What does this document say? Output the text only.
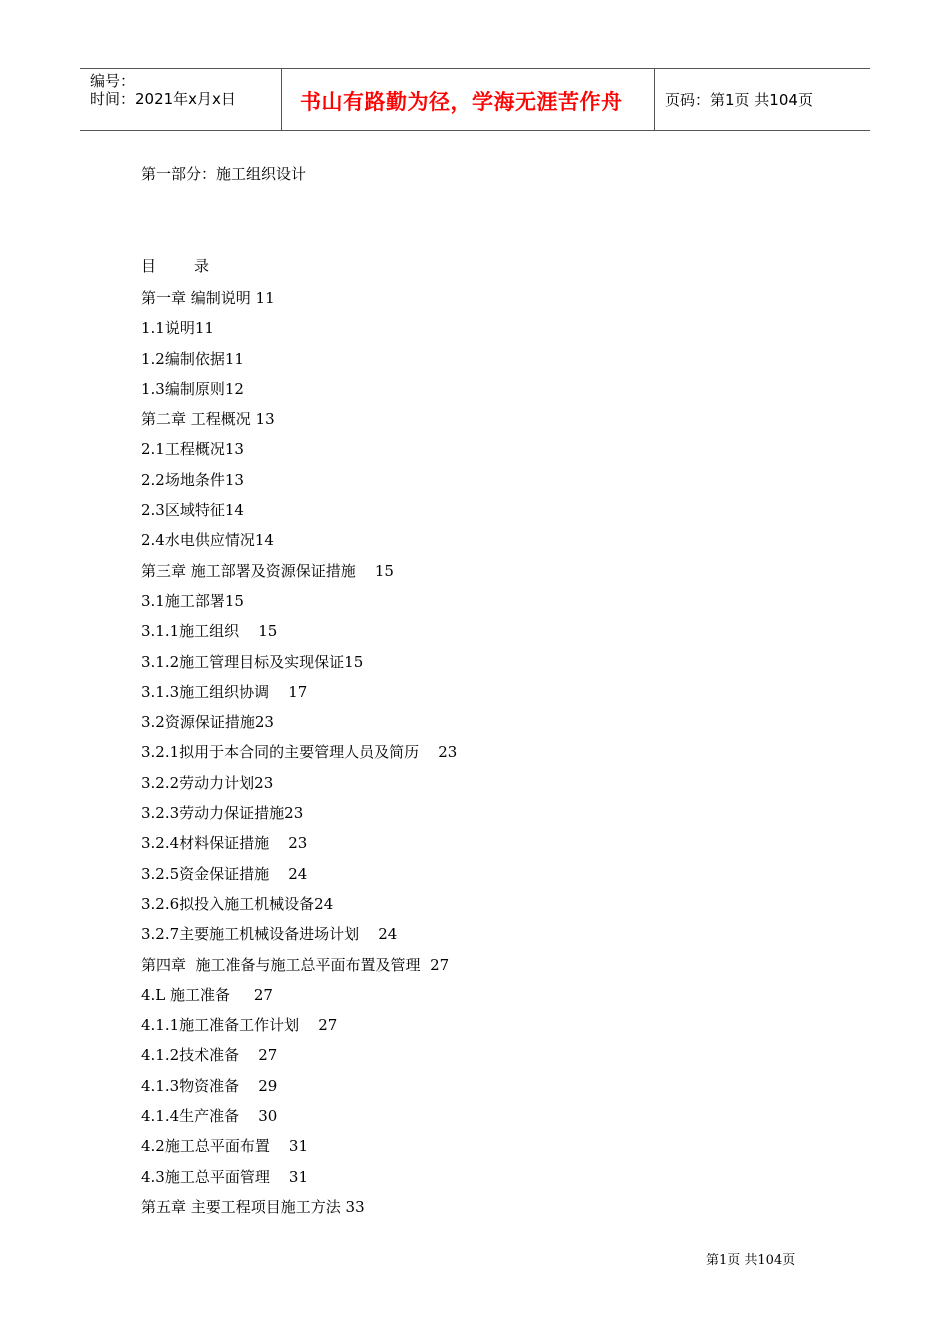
编号：
时间：2021年x月x日	书山有路勤为径，学海无涯苦作舟	页码：第1页 共104页
第一部分：施工组织设计
目	录
第一章 编制说明 11
1.1说明11
1.2编制依据11
1.3编制原则12
第二章 工程概况 13
2.1工程概况13
2.2场地条件13
2.3区域特征14
2.4水电供应情况14
第三章 施工部署及资源保证措施    15
3.1施工部署15
3.1.1施工组织    15
3.1.2施工管理目标及实现保证15
3.1.3施工组织协调    17
3.2资源保证措施23
3.2.1拟用于本合同的主要管理人员及简历    23
3.2.2劳动力计划23
3.2.3劳动力保证措施23
3.2.4材料保证措施    23
3.2.5资金保证措施    24
3.2.6拟投入施工机械设备24
3.2.7主要施工机械设备进场计划    24
第四章  施工准备与施工总平面布置及管理  27
4.L 施工准备     27
4.1.1施工准备工作计划    27
4.1.2技术准备    27
4.1.3物资准备    29
4.1.4生产准备    30
4.2施工总平面布置    31
4.3施工总平面管理    31
第五章 主要工程项目施工方法 33
第1页 共104页
